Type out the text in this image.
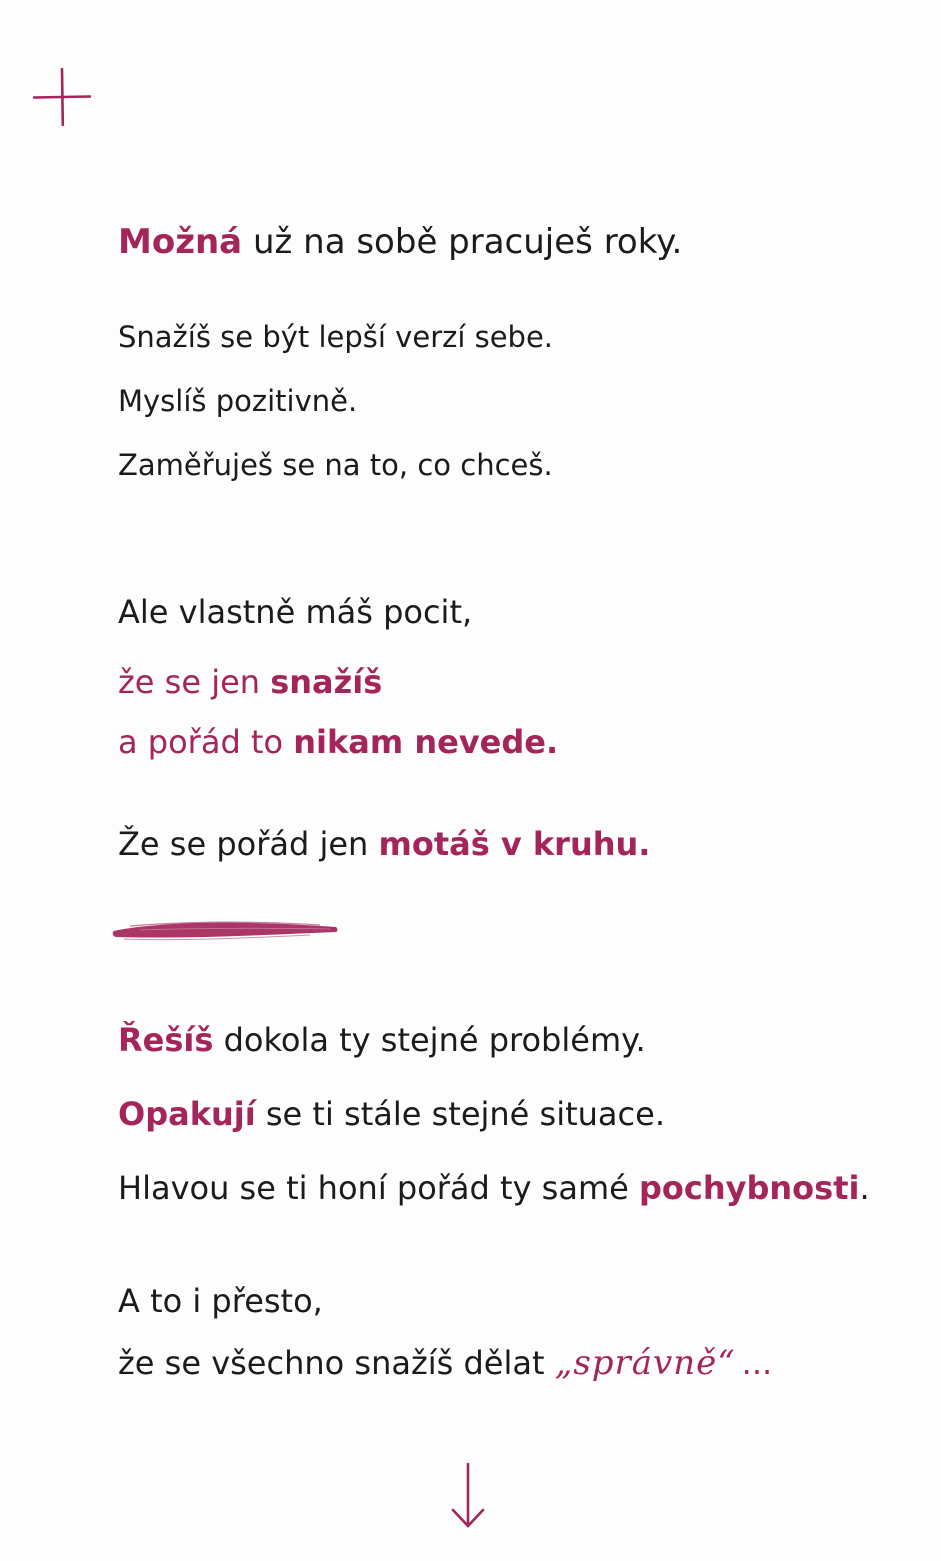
Možná už na sobě pracuješ roky.

Snažíš se být lepší verzí sebe.

Myslíš pozitivně.

Zaměřuješ se na to, co chceš.

Ale vlastně máš pocit,

že se jen snažíš

a pořád to nikam nevede.

Že se pořád jen motáš v kruhu.

Řešíš dokola ty stejné problémy.

Opakují se ti stále stejné situace.

Hlavou se ti honí pořád ty samé pochybnosti.

A to i přesto,

že se všechno snažíš dělat „správně“ ...
